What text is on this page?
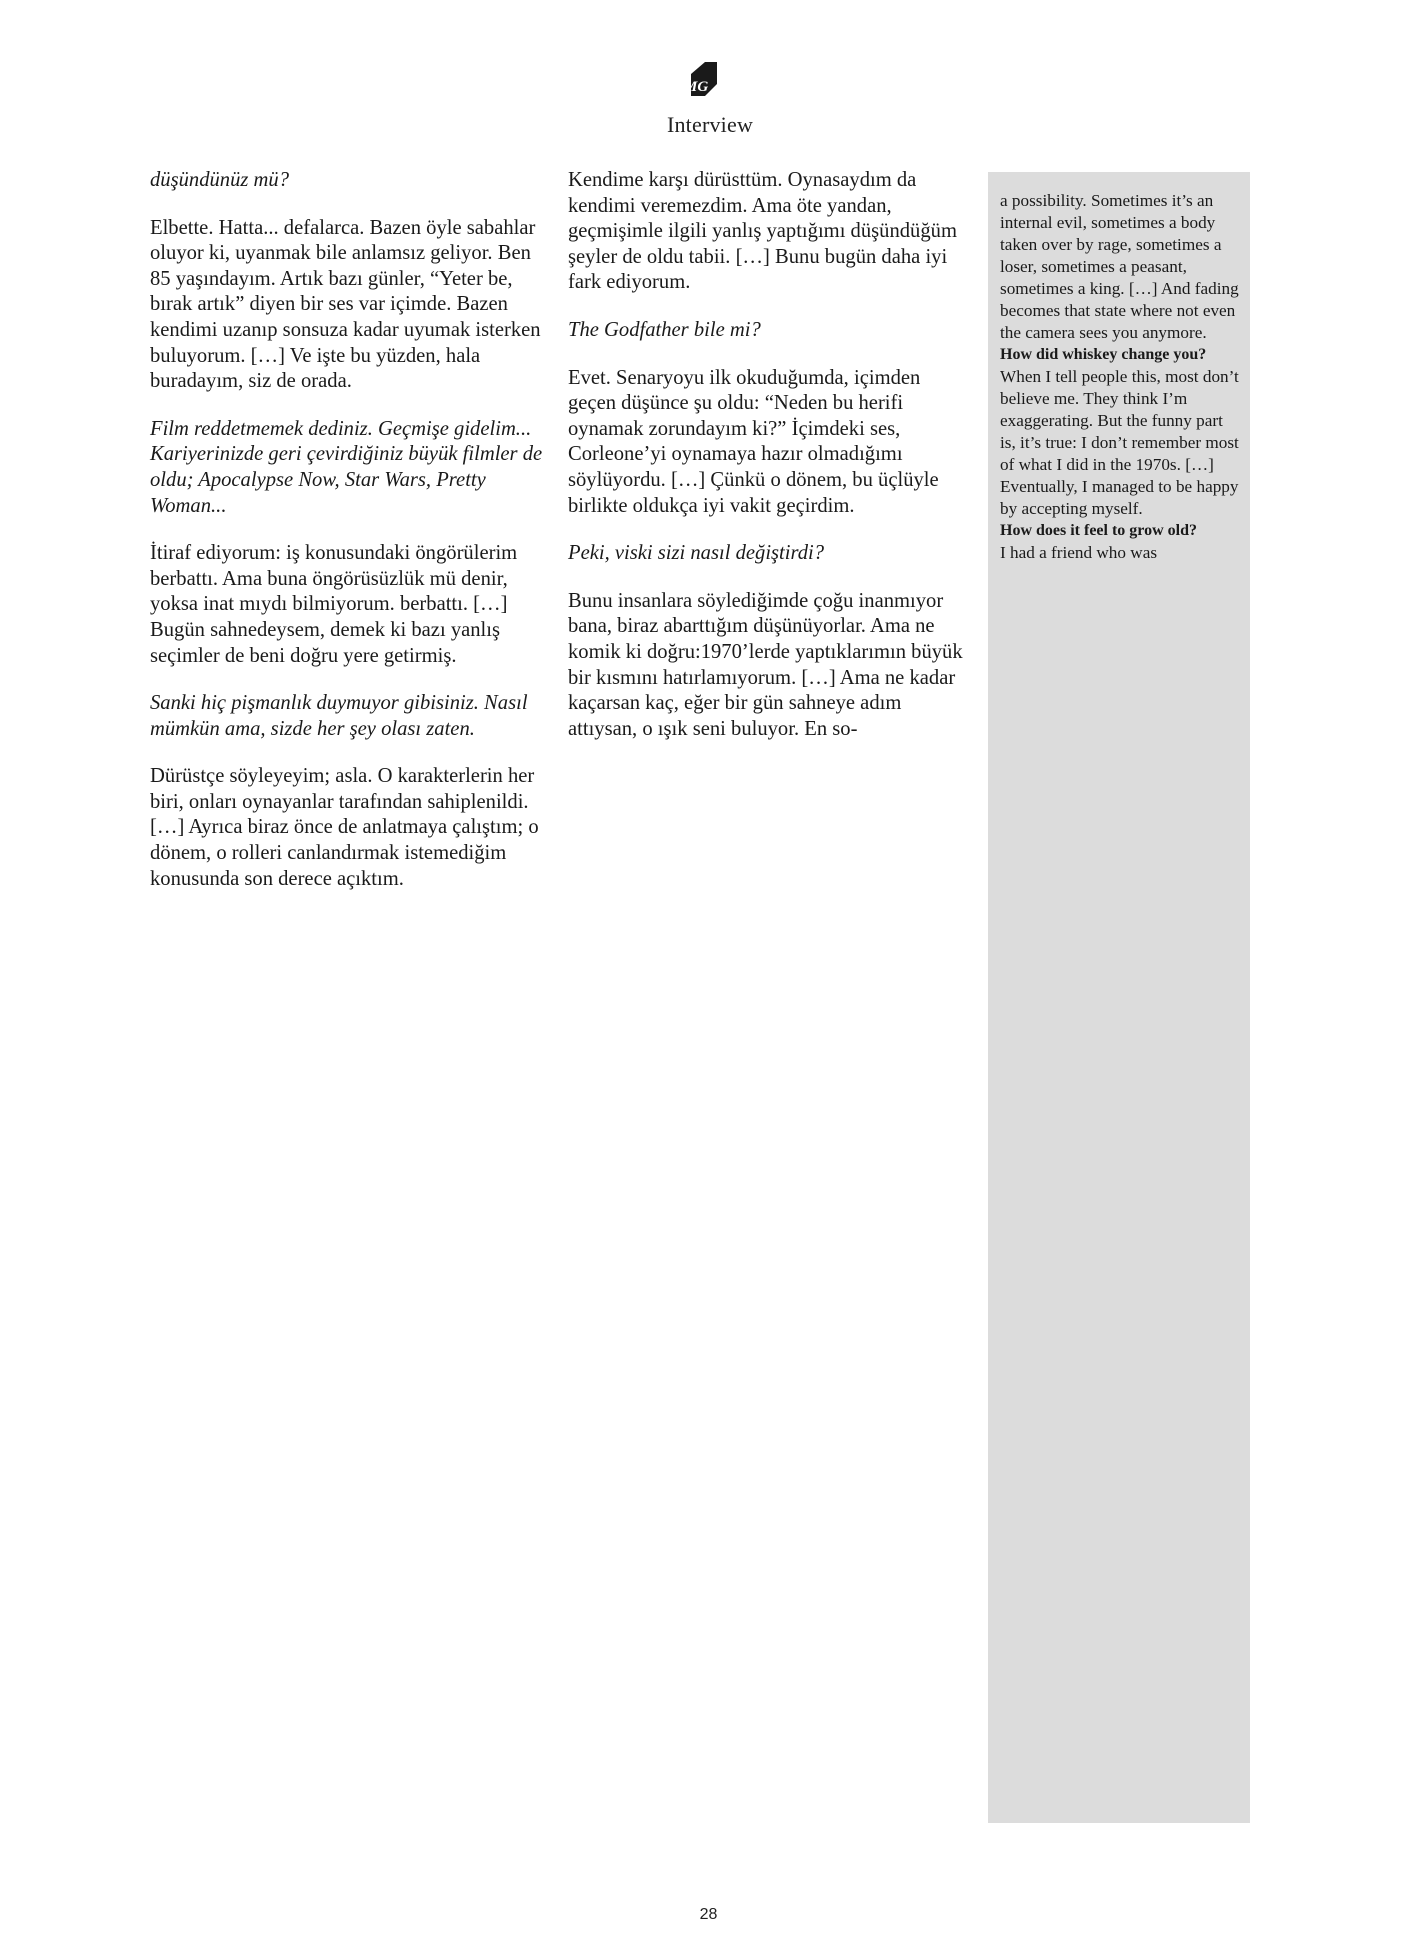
MG
Interview

düşündünüz mü?

Elbette. Hatta... defalarca. Bazen öyle sabahlar oluyor ki, uyanmak bile anlamsız geliyor. Ben 85 yaşındayım. Artık bazı günler, “Yeter be, bırak artık” diyen bir ses var içimde. Bazen kendimi uzanıp sonsuza kadar uyumak isterken buluyorum. […] Ve işte bu yüzden, hala buradayım, siz de orada.

Film reddetmemek dediniz. Geçmişe gidelim... Kariyerinizde geri çevirdiğiniz büyük filmler de oldu; Apocalypse Now, Star Wars, Pretty Woman...

İtiraf ediyorum: iş konusundaki öngörülerim berbattı. Ama buna öngörüsüzlük mü denir, yoksa inat mıydı bilmiyorum. berbattı. […] Bugün sahnedeysem, demek ki bazı yanlış seçimler de beni doğru yere getirmiş.

Sanki hiç pişmanlık duymuyor gibisiniz. Nasıl mümkün ama, sizde her şey olası zaten.

Dürüstçe söyleyeyim; asla. O karakterlerin her biri, onları oynayanlar tarafından sahiplenildi. […] Ayrıca biraz önce de anlatmaya çalıştım; o dönem, o rolleri canlandırmak istemediğim konusunda son derece açıktım.

Kendime karşı dürüsttüm. Oynasaydım da kendimi veremezdim. Ama öte yandan, geçmişimle ilgili yanlış yaptığımı düşündüğüm şeyler de oldu tabii. […] Bunu bugün daha iyi fark ediyorum.

The Godfather bile mi?

Evet. Senaryoyu ilk okuduğumda, içimden geçen düşünce şu oldu: “Neden bu herifi oynamak zorundayım ki?” İçimdeki ses, Corleone’yi oynamaya hazır olmadığımı söylüyordu. […] Çünkü o dönem, bu üçlüyle birlikte oldukça iyi vakit geçirdim.

Peki, viski sizi nasıl değiştirdi?

Bunu insanlara söylediğimde çoğu inanmıyor bana, biraz abarttığım düşünüyorlar. Ama ne komik ki doğru:1970’lerde yaptıklarımın büyük bir kısmını hatırlamıyorum. […] Ama ne kadar kaçarsan kaç, eğer bir gün sahneye adım attıysan, o ışık seni buluyor. En so-

a possibility. Sometimes it’s an internal evil, sometimes a body taken over by rage, sometimes a loser, sometimes a peasant, sometimes a king. […] And fading becomes that state where not even the camera sees you anymore.

How did whiskey change you?

When I tell people this, most don’t believe me. They think I’m exaggerating. But the funny part is, it’s true: I don’t remember most of what I did in the 1970s. […] Eventually, I managed to be happy by accepting myself.

How does it feel to grow old?

I had a friend who was

28
